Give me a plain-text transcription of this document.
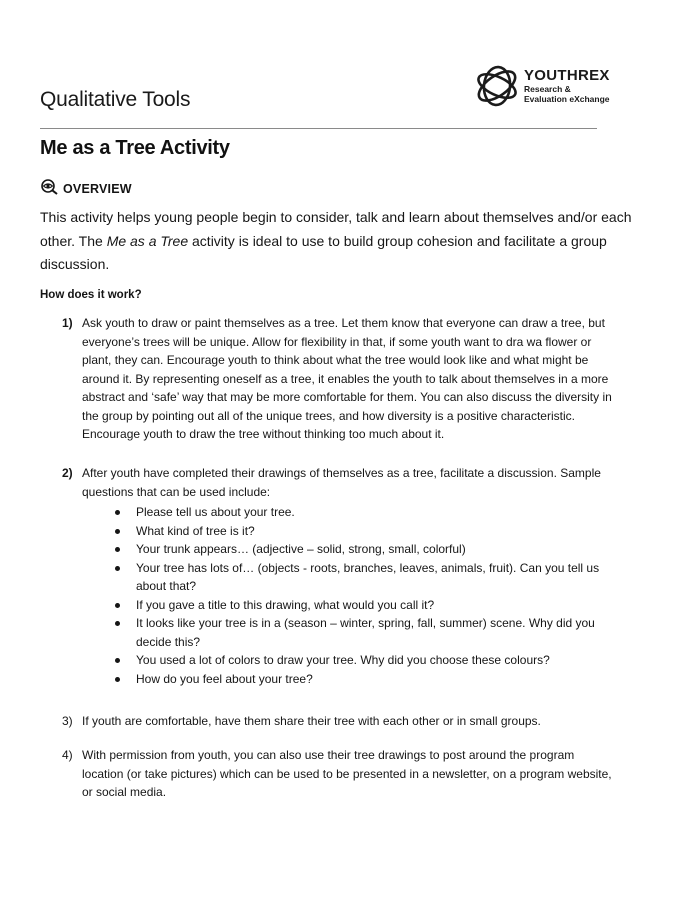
Qualitative Tools
YOUTHREX
Research &
Evaluation eXchange
Me as a Tree Activity
OVERVIEW
This activity helps young people begin to consider, talk and learn about themselves and/or each other. The Me as a Tree activity is ideal to use to build group cohesion and facilitate a group discussion.
How does it work?
1) Ask youth to draw or paint themselves as a tree. Let them know that everyone can draw a tree, but everyone’s trees will be unique. Allow for flexibility in that, if some youth want to dra wa flower or plant, they can. Encourage youth to think about what the tree would look like and what might be around it. By representing oneself as a tree, it enables the youth to talk about themselves in a more abstract and ‘safe’ way that may be more comfortable for them. You can also discuss the diversity in the group by pointing out all of the unique trees, and how diversity is a positive characteristic. Encourage youth to draw the tree without thinking too much about it.
2) After youth have completed their drawings of themselves as a tree, facilitate a discussion. Sample questions that can be used include:
Please tell us about your tree.
What kind of tree is it?
Your trunk appears… (adjective – solid, strong, small, colorful)
Your tree has lots of… (objects - roots, branches, leaves, animals, fruit). Can you tell us about that?
If you gave a title to this drawing, what would you call it?
It looks like your tree is in a (season – winter, spring, fall, summer) scene. Why did you decide this?
You used a lot of colors to draw your tree. Why did you choose these colours?
How do you feel about your tree?
3) If youth are comfortable, have them share their tree with each other or in small groups.
4) With permission from youth, you can also use their tree drawings to post around the program location (or take pictures) which can be used to be presented in a newsletter, on a program website, or social media.
